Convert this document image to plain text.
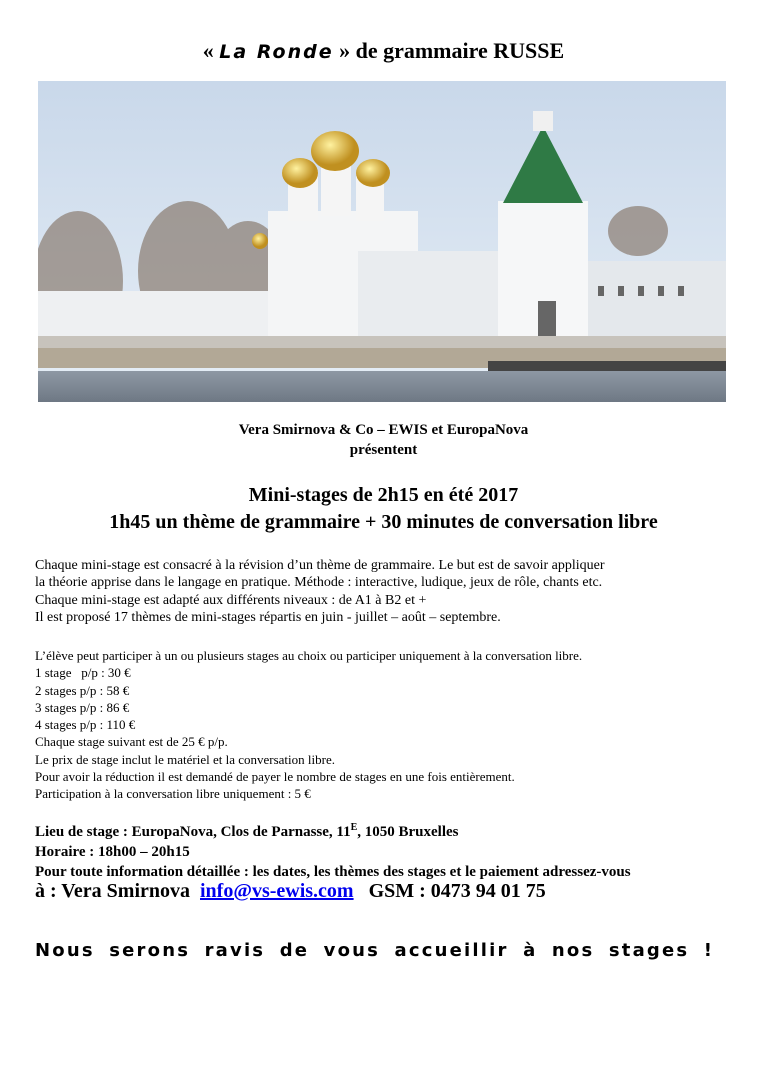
« La Ronde » de grammaire RUSSE
Vera Smirnova & Co – EWIS et EuropaNova
présentent
Mini-stages de 2h15 en été 2017
1h45 un thème de grammaire + 30 minutes de conversation libre
Chaque mini-stage est consacré à la révision d’un thème de grammaire. Le but est de savoir appliquer
la théorie apprise dans le langage en pratique. Méthode : interactive, ludique, jeux de rôle, chants etc.
Chaque mini-stage est adapté aux différents niveaux : de A1 à B2 et +
Il est proposé 17 thèmes de mini-stages répartis en juin - juillet – août – septembre.
L’élève peut participer à un ou plusieurs stages au choix ou participer uniquement à la conversation libre.
1 stage   p/p : 30 €
2 stages p/p : 58 €
3 stages p/p : 86 €
4 stages p/p : 110 €
Chaque stage suivant est de 25 € p/p.
Le prix de stage inclut le matériel et la conversation libre.
Pour avoir la réduction il est demandé de payer le nombre de stages en une fois entièrement.
Participation à la conversation libre uniquement : 5 €
Lieu de stage : EuropaNova, Clos de Parnasse, $11^E$, 1050 Bruxelles
Horaire : 18h00 – 20h15
Pour toute information détaillée : les dates, les thèmes des stages et le paiement adressez-vous
à : Vera Smirnova info@vs-ewis.com GSM : 0473 94 01 75
Nous serons ravis de vous accueillir à nos stages !
